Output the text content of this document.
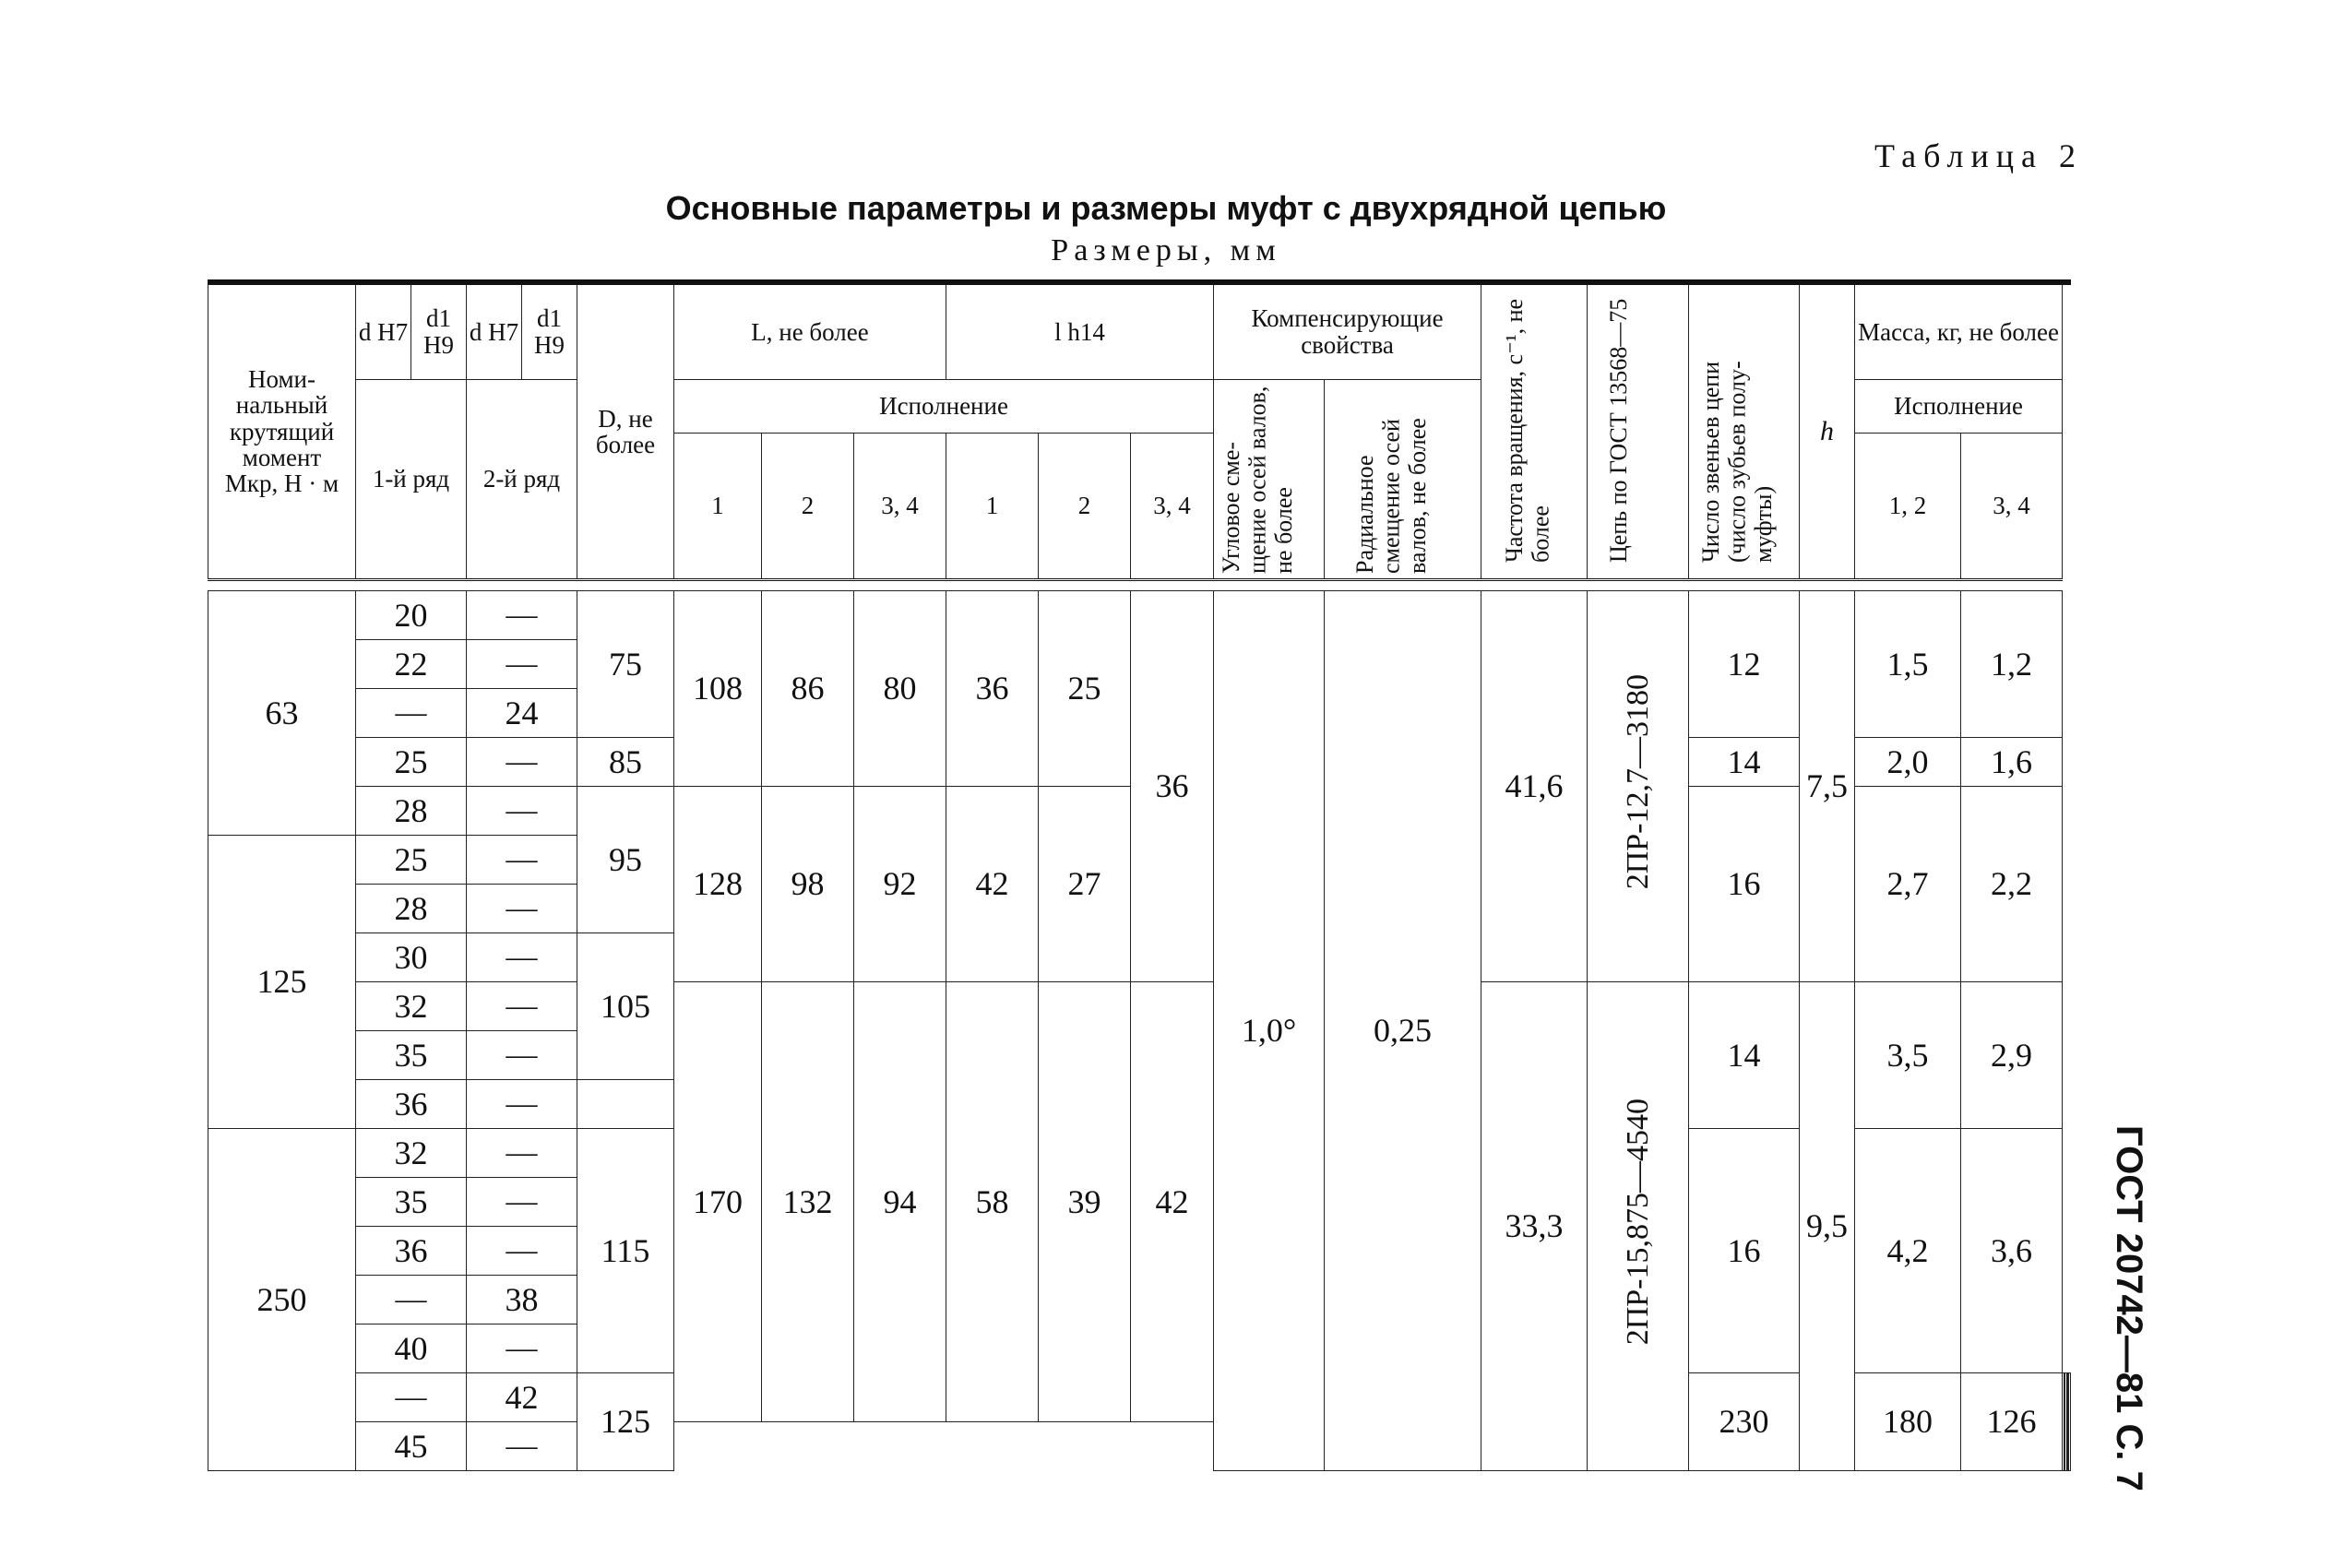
Таблица 2
Основные параметры и размеры муфт с двухрядной цепью
Размеры, мм
ГОСТ 20742—81 С. 7
Номи-нальный крутящий момент Мкр, Н · м	d H7	d1 H9	d H7	d1 H9	D, не более	L, не более			l h14			Компенсирующие свойства		Частота вращения, с⁻¹, не более	Цепь по ГОСТ 13568—75	Число звеньев цепи (число зубьев полу-муфты)	h	Масса, кг, не более					
	1-й ряд		2-й ряд			Исполнение						Угловое сме-щение осей валов, не более	Радиальное смещение осей валов, не более					Исполнение					
						1	2	3, 4	1	2	3, 4							1, 2	3, 4				

63	20		—		75	108	86	80	36	25	36	1,0°	0,25	41,6	2ПР-12,7—3180	12	7,5	1,5	1,2				
	22		—																				
	—		24																				
	25		—		85											14		2,0	1,6				
	28		—		95	128	98	92	42	27						16		2,7	2,2				
125	25		—																				
	28		—																				
	30		—		105																		
	32		—			170	132	94	58	39	42			33,3	2ПР-15,875—4540	14	9,5	3,5	2,9				
	35		—																				
	36		—																				
250	32		—		115											16		4,2	3,6				
	35		—																				
	36		—																				
	—		38																				
	40		—																				
	—		42		125											230		180	126						
	45		—																				
